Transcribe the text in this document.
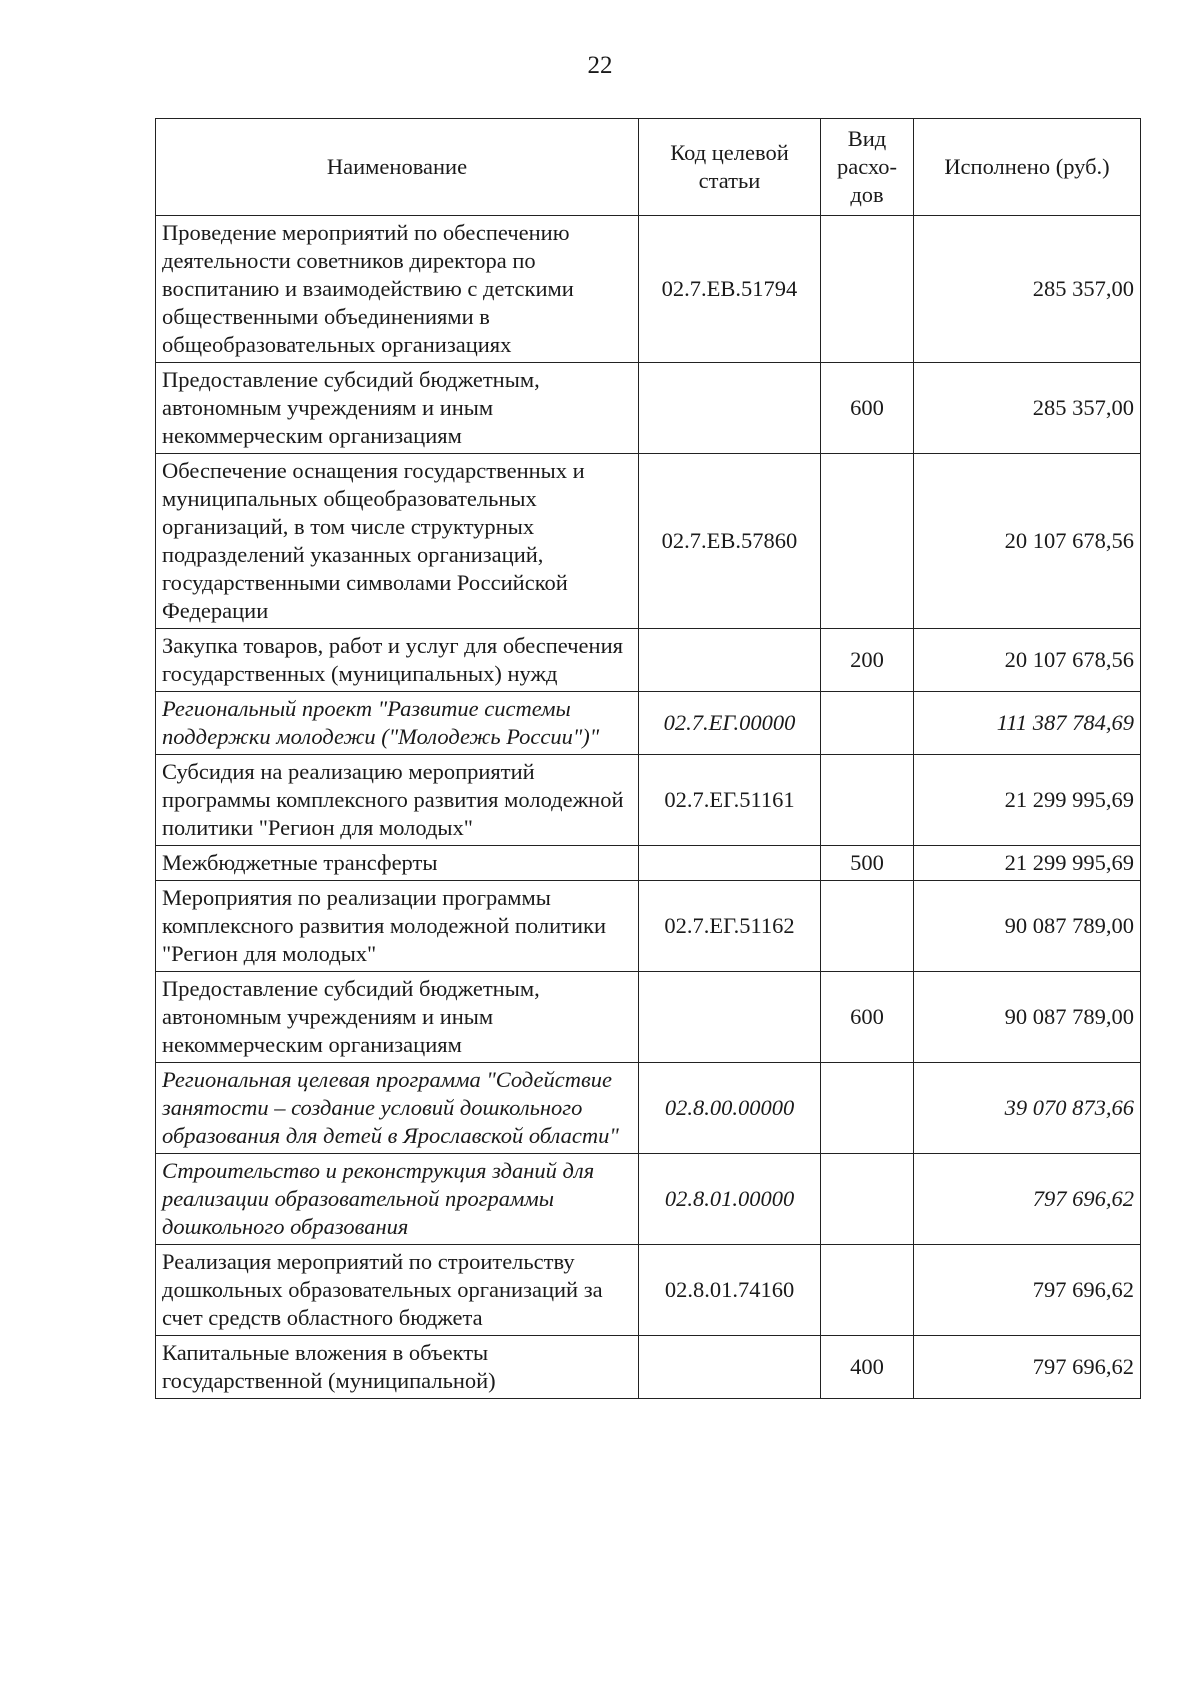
22
Наименование	Код целевой статьи	Вид расхо-дов	Исполнено (руб.)
Проведение мероприятий по обеспечению деятельности советников директора по воспитанию и взаимодействию с детскими общественными объединениями в общеобразовательных организациях	02.7.ЕВ.51794		285 357,00
Предоставление субсидий бюджетным, автономным учреждениям и иным некоммерческим организациям		600	285 357,00
Обеспечение оснащения государственных и муниципальных общеобразовательных организаций, в том числе структурных подразделений указанных организаций, государственными символами Российской Федерации	02.7.ЕВ.57860		20 107 678,56
Закупка товаров, работ и услуг для обеспечения государственных (муниципальных) нужд		200	20 107 678,56
Региональный проект "Развитие системы поддержки молодежи ("Молодежь России")"	02.7.ЕГ.00000		111 387 784,69
Субсидия на реализацию мероприятий программы комплексного развития молодежной политики "Регион для молодых"	02.7.ЕГ.51161		21 299 995,69
Межбюджетные трансферты		500	21 299 995,69
Мероприятия по реализации программы комплексного развития молодежной политики "Регион для молодых"	02.7.ЕГ.51162		90 087 789,00
Предоставление субсидий бюджетным, автономным учреждениям и иным некоммерческим организациям		600	90 087 789,00
Региональная целевая программа "Содействие занятости – создание условий дошкольного образования для детей в Ярославской области"	02.8.00.00000		39 070 873,66
Строительство и реконструкция зданий для реализации образовательной программы дошкольного образования	02.8.01.00000		797 696,62
Реализация мероприятий по строительству дошкольных образовательных организаций за счет средств областного бюджета	02.8.01.74160		797 696,62
Капитальные вложения в объекты государственной (муниципальной)		400	797 696,62
